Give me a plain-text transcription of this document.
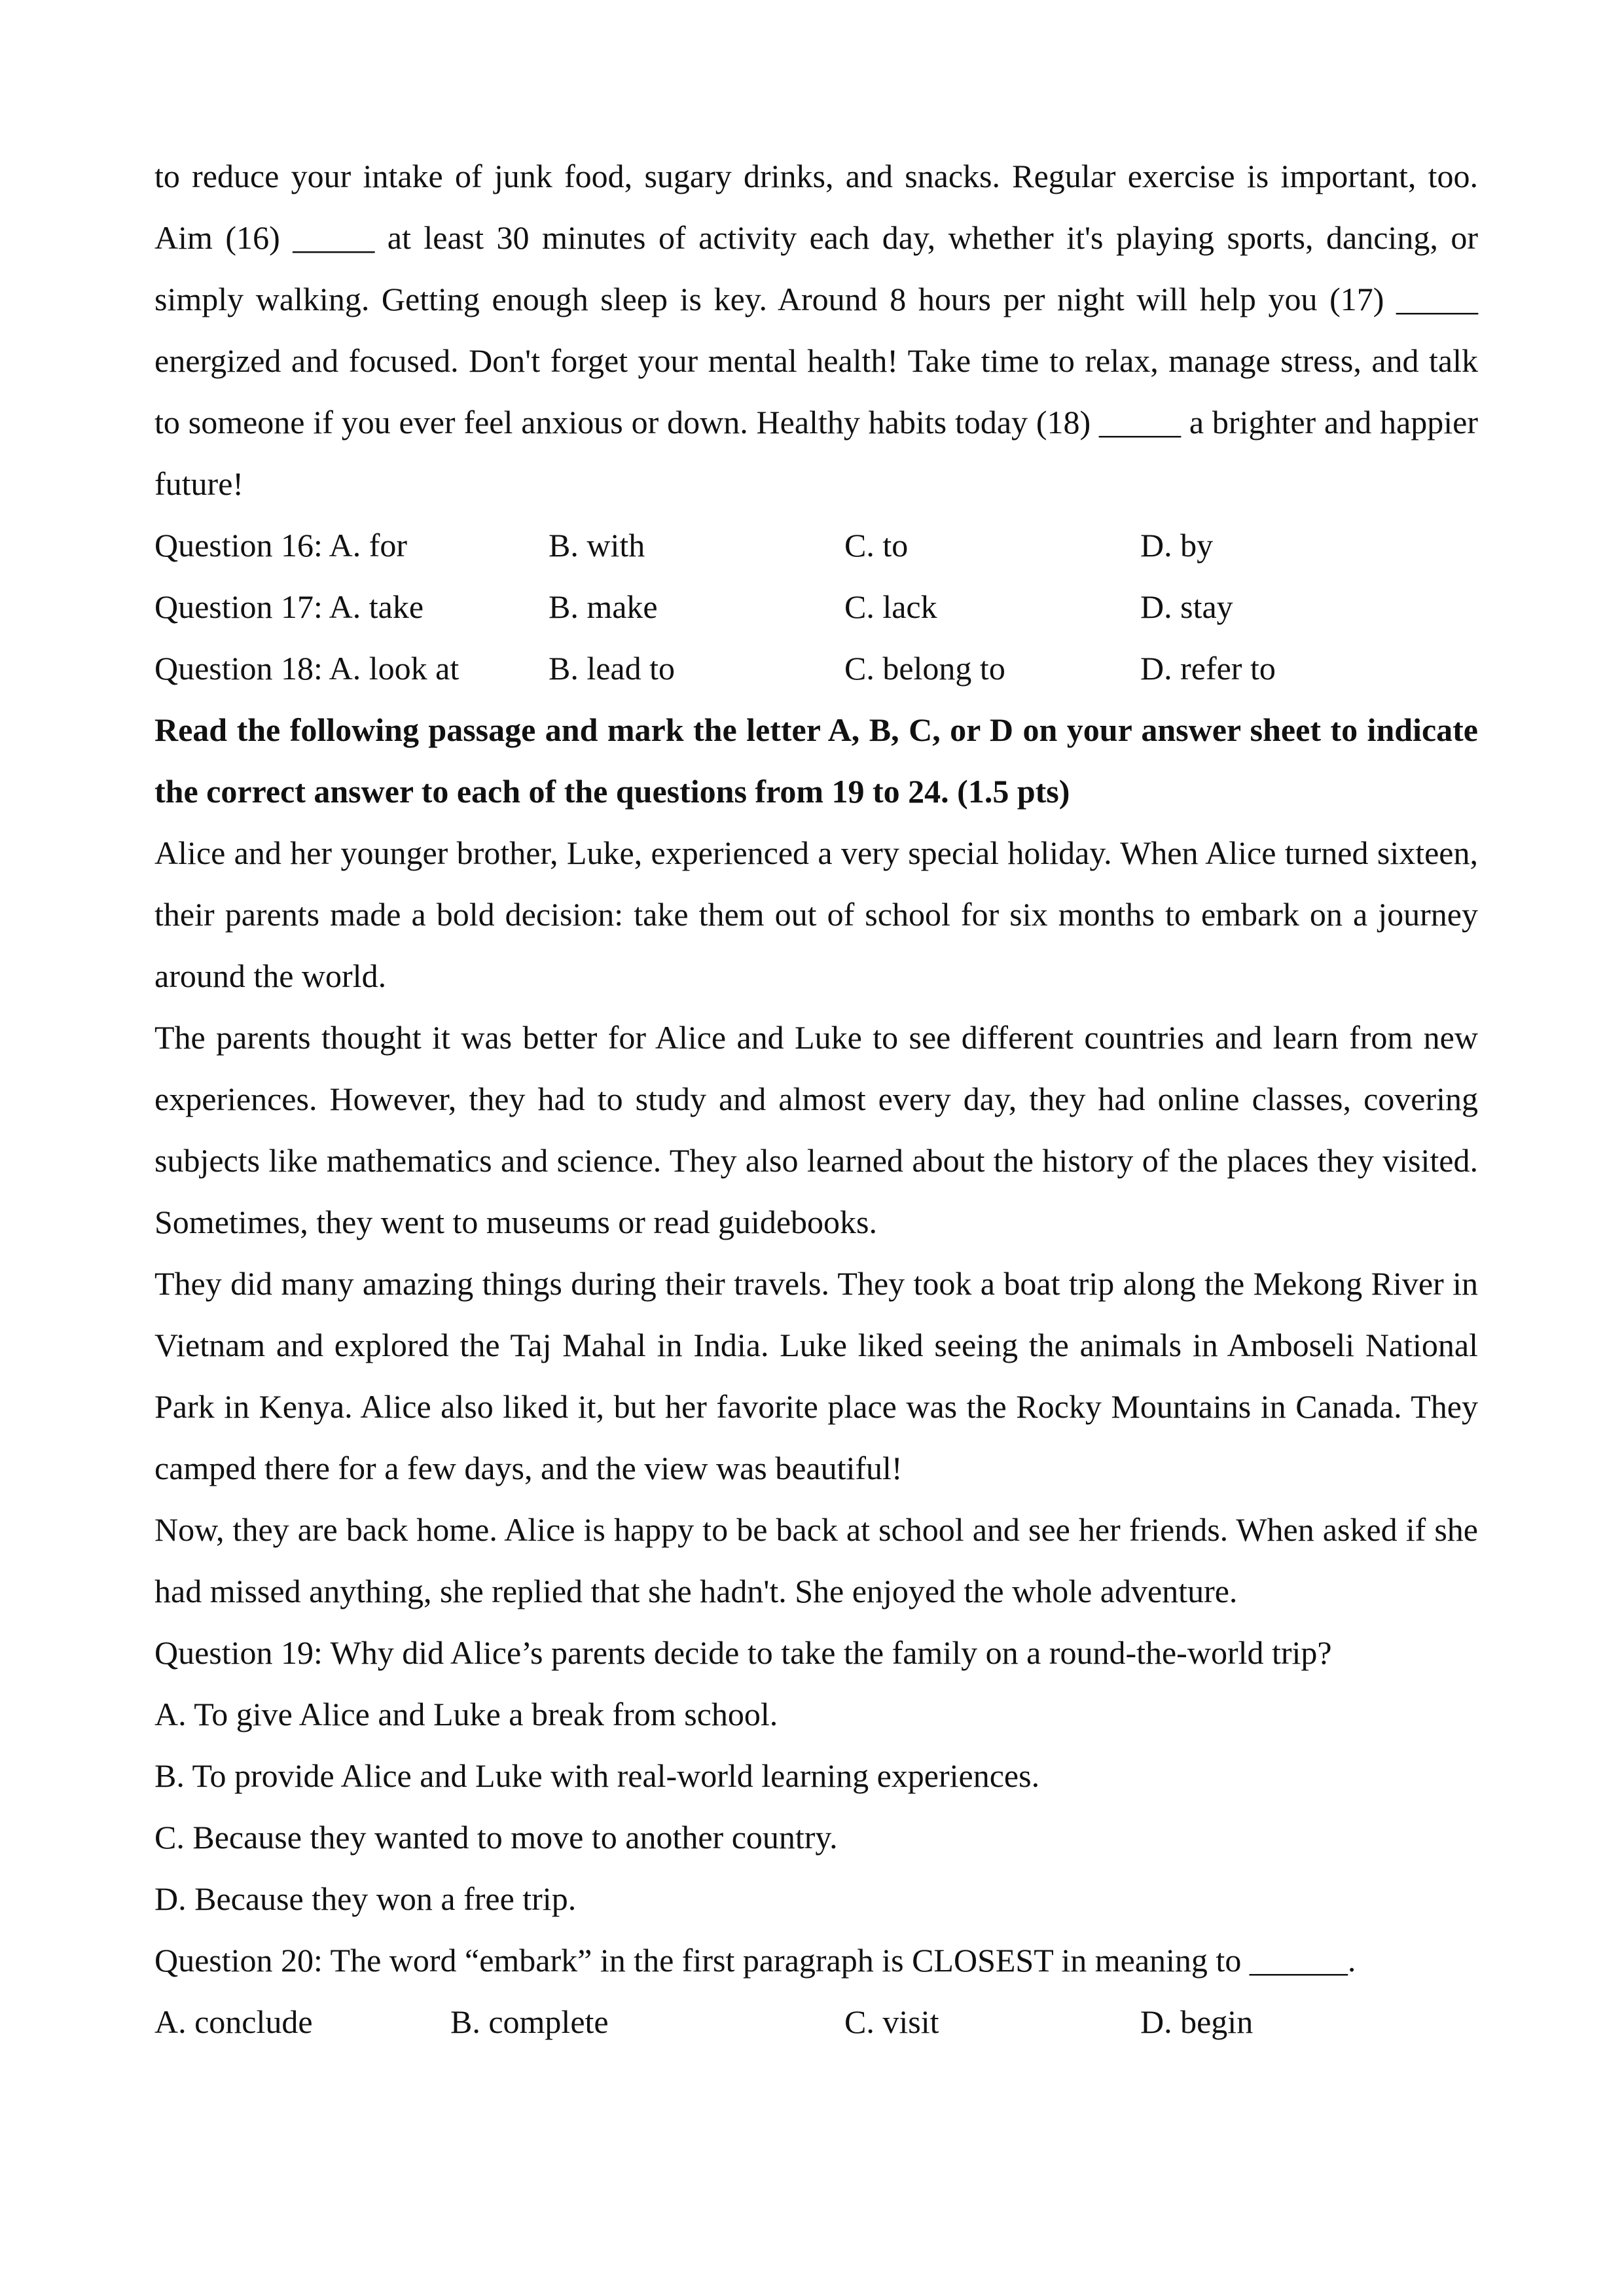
to reduce your intake of junk food, sugary drinks, and snacks. Regular exercise is important, too. Aim (16) _____ at least 30 minutes of activity each day, whether it's playing sports, dancing, or simply walking. Getting enough sleep is key. Around 8 hours per night will help you (17) _____ energized and focused. Don't forget your mental health! Take time to relax, manage stress, and talk to someone if you ever feel anxious or down. Healthy habits today (18) _____ a brighter and happier future!

Question 16: A. for	B. with	C. to	D. by
Question 17: A. take	B. make	C. lack	D. stay
Question 18: A. look at	B. lead to	C. belong to	D. refer to

Read the following passage and mark the letter A, B, C, or D on your answer sheet to indicate the correct answer to each of the questions from 19 to 24. (1.5 pts)

Alice and her younger brother, Luke, experienced a very special holiday. When Alice turned sixteen, their parents made a bold decision: take them out of school for six months to embark on a journey around the world.

The parents thought it was better for Alice and Luke to see different countries and learn from new experiences. However, they had to study and almost every day, they had online classes, covering subjects like mathematics and science. They also learned about the history of the places they visited. Sometimes, they went to museums or read guidebooks.

They did many amazing things during their travels. They took a boat trip along the Mekong River in Vietnam and explored the Taj Mahal in India. Luke liked seeing the animals in Amboseli National Park in Kenya. Alice also liked it, but her favorite place was the Rocky Mountains in Canada. They camped there for a few days, and the view was beautiful!

Now, they are back home. Alice is happy to be back at school and see her friends. When asked if she had missed anything, she replied that she hadn't. She enjoyed the whole adventure.

Question 19: Why did Alice’s parents decide to take the family on a round-the-world trip?

A. To give Alice and Luke a break from school.

B. To provide Alice and Luke with real-world learning experiences.

C. Because they wanted to move to another country.

D. Because they won a free trip.

Question 20: The word “embark” in the first paragraph is CLOSEST in meaning to ______.

A. conclude	B. complete	C. visit	D. begin
